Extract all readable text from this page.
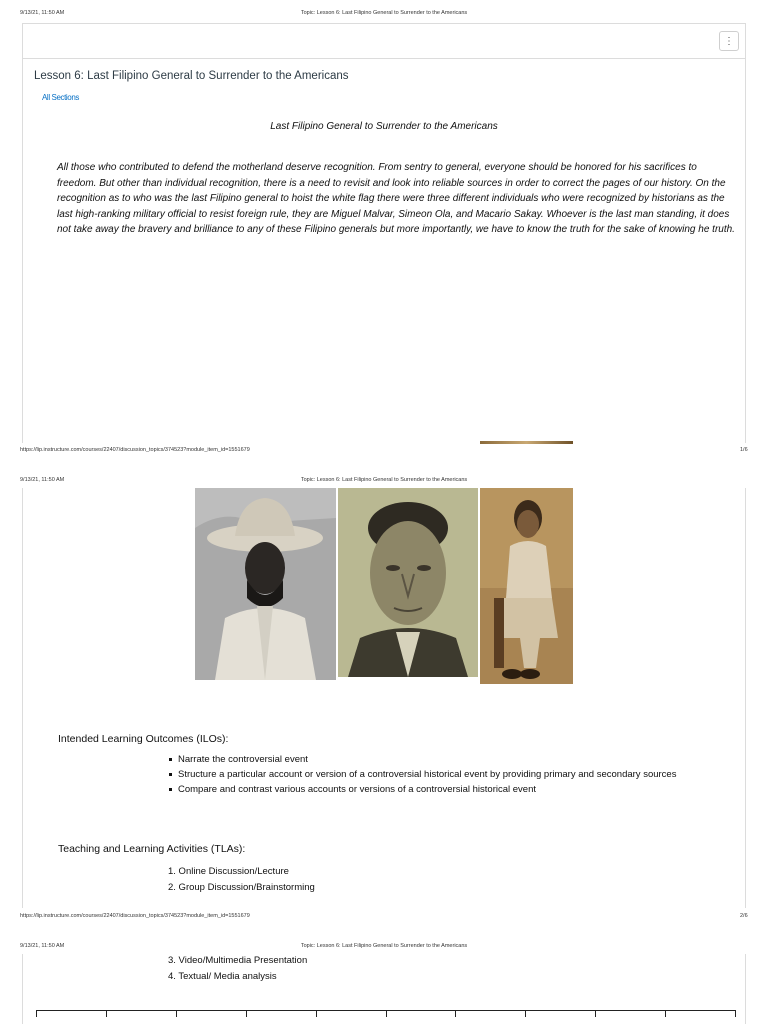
9/13/21, 11:50 AM	Topic: Lesson 6: Last Filipino General to Surrender to the Americans
⋮
Lesson 6: Last Filipino General to Surrender to the Americans
All Sections
Last Filipino General to Surrender to the Americans
All those who contributed to defend the motherland deserve recognition. From sentry to general, everyone should be honored for his sacrifices to freedom. But other than individual recognition, there is a need to revisit and look into reliable sources in order to correct the pages of our history. On the recognition as to who was the last Filipino general to hoist the white flag there were three different individuals who were recognized by historians as the last high-ranking military official to resist foreign rule, they are Miguel Malvar, Simeon Ola, and Macario Sakay. Whoever is the last man standing, it does not take away the bravery and brilliance to any of these Filipino generals but more importantly, we have to know the truth for the sake of knowing he truth.
https://lip.instructure.com/courses/22407/discussion_topics/374523?module_item_id=1551679	1/6
9/13/21, 11:50 AM	Topic: Lesson 6: Last Filipino General to Surrender to the Americans
Intended Learning Outcomes (ILOs):
Narrate the controversial event
Structure a particular account or version of a controversial historical event by providing primary and secondary sources
Compare and contrast various accounts or versions of a controversial historical event
Teaching and Learning Activities (TLAs):
1. Online Discussion/Lecture
2. Group Discussion/Brainstorming
https://lip.instructure.com/courses/22407/discussion_topics/374523?module_item_id=1551679	2/6
9/13/21, 11:50 AM	Topic: Lesson 6: Last Filipino General to Surrender to the Americans
3. Video/Multimedia Presentation
4. Textual/ Media analysis
